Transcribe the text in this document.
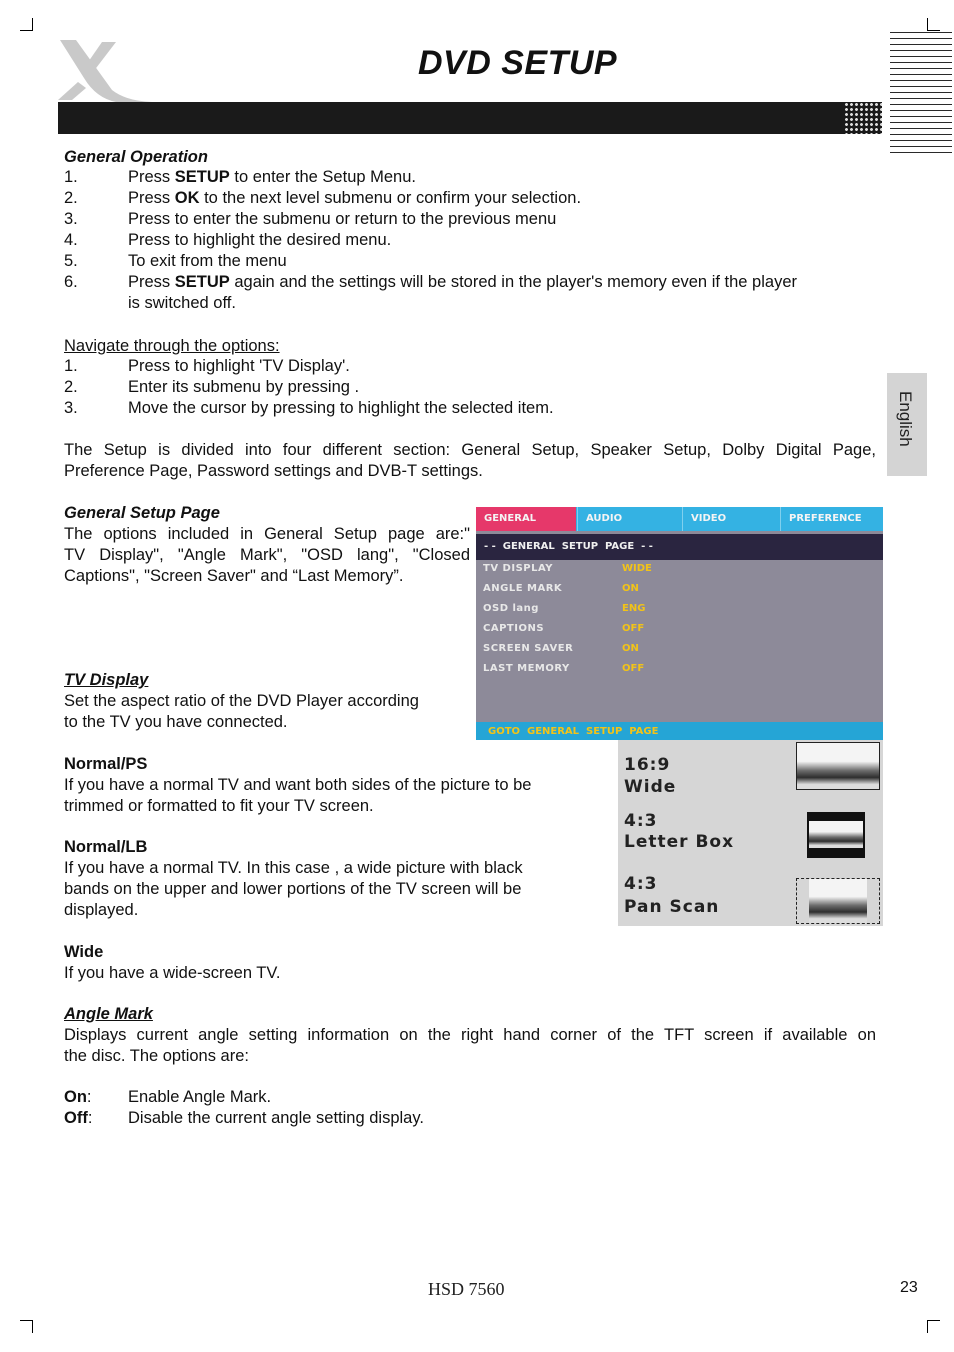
DVD SETUP
English
General Operation
1.	Press SETUP to enter the Setup Menu.
2.	Press OK to the next level submenu or confirm your selection.
3.	Press to enter the submenu or return to the previous menu
4.	Press to highlight the desired menu.
5.	To exit from the menu
6.	Press SETUP again and the settings will be stored in the player's memory even if the player
is switched off.
Navigate through the options:
1.	Press to highlight 'TV Display'.
2.	Enter its submenu by pressing .
3.	Move the cursor by pressing to highlight the selected item.
The Setup is divided into four different section: General Setup, Speaker Setup, Dolby Digital Page,
Preference Page, Password settings and DVB-T settings.
General Setup Page
The options included in General Setup page are:"
TV Display", "Angle Mark", "OSD lang", "Closed
Captions", "Screen Saver" and “Last Memory”.
GENERAL	AUDIO	VIDEO	PREFERENCE
- -  GENERAL  SETUP  PAGE  - -
TV DISPLAY	WIDE
ANGLE MARK	ON
OSD lang	ENG
CAPTIONS	OFF
SCREEN SAVER	ON
LAST MEMORY	OFF
GOTO  GENERAL  SETUP  PAGE
TV Display
Set the aspect ratio of the DVD Player according
to the TV you have connected.
16:9
Wide
4:3
Letter Box
4:3
Pan Scan
Normal/PS
If you have a normal TV and want both sides of the picture to be
trimmed or formatted to fit your TV screen.
Normal/LB
If you have a normal TV. In this case , a wide picture with black
bands on the upper and lower portions of the TV screen will be
displayed.
Wide
If you have a wide-screen TV.
Angle Mark
Displays current angle setting information on the right hand corner of the TFT screen if available on
the disc. The options are:
On: Enable Angle Mark.
Off: Disable the current angle setting display.
HSD 7560	23
